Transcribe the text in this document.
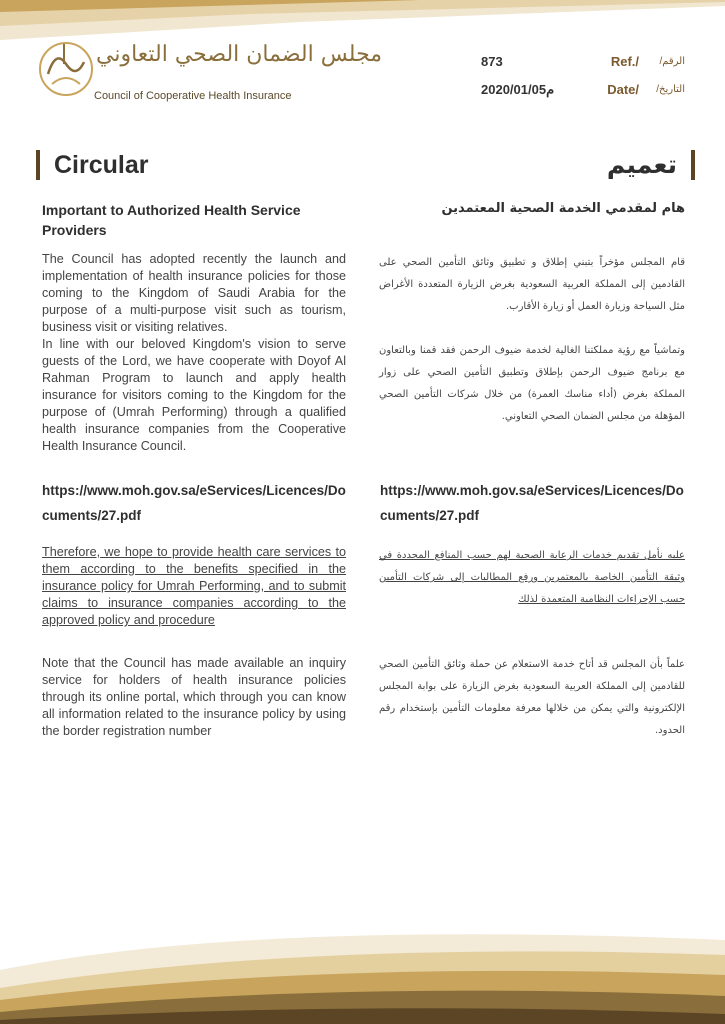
مجلس الضمان الصحي التعاوني
Council of Cooperative Health Insurance
873	Ref./ الرقم/
2020/01/05م	Date/ التاريخ/
Circular	تعميم
Important to Authorized Health Service Providers

The Council has adopted recently the launch and implementation of health insurance policies for those coming to the Kingdom of Saudi Arabia for the purpose of a multi-purpose visit such as tourism, business visit or visiting relatives.

In line with our beloved Kingdom's vision to serve guests of the Lord, we have cooperate with Doyof Al Rahman Program to launch and apply health insurance for visitors coming to the Kingdom for the purpose of (Umrah Performing) through a qualified health insurance companies from the Cooperative Health Insurance Council.

https://www.moh.gov.sa/eServices/Licences/Documents/27.pdf

Therefore, we hope to provide health care services to them according to the benefits specified in the insurance policy for Umrah Performing, and to submit claims to insurance companies according to the approved policy and procedure

Note that the Council has made available an inquiry service for holders of health insurance policies through its online portal, which through you can know all information related to the insurance policy by using the border registration number

هام لمقدمي الخدمة الصحية المعتمدين

قام المجلس مؤخراً بتبني إطلاق و تطبيق وثائق التأمين الصحي على القادمين إلى المملكة العربية السعودية بغرض الزيارة المتعددة الأغراض مثل السياحة وزيارة العمل أو زيارة الأقارب.

وتماشياً مع رؤية مملكتنا الغالية لخدمة ضيوف الرحمن فقد قمنا وبالتعاون مع برنامج ضيوف الرحمن بإطلاق وتطبيق التأمين الصحي على زوار المملكة بغرض (أداء مناسك العمرة) من خلال شركات التأمين الصحي المؤهلة من مجلس الضمان الصحي التعاوني.

https://www.moh.gov.sa/eServices/Licences/Documents/27.pdf

عليه نأمل تقديم خدمات الرعاية الصحية لهم حسب المنافع المحددة في وثيقة التأمين الخاصة بالمعتمرين ورفع المطالبات إلى شركات التأمين حسب الإجراءات النظامية المتعمدة لذلك

علماً بأن المجلس قد أتاح خدمة الاستعلام عن حملة وثائق التأمين الصحي للقادمين إلى المملكة العربية السعودية بغرض الزيارة على بوابة المجلس الإلكترونية والتي يمكن من خلالها معرفة معلومات التأمين بإستخدام رقم الحدود.
